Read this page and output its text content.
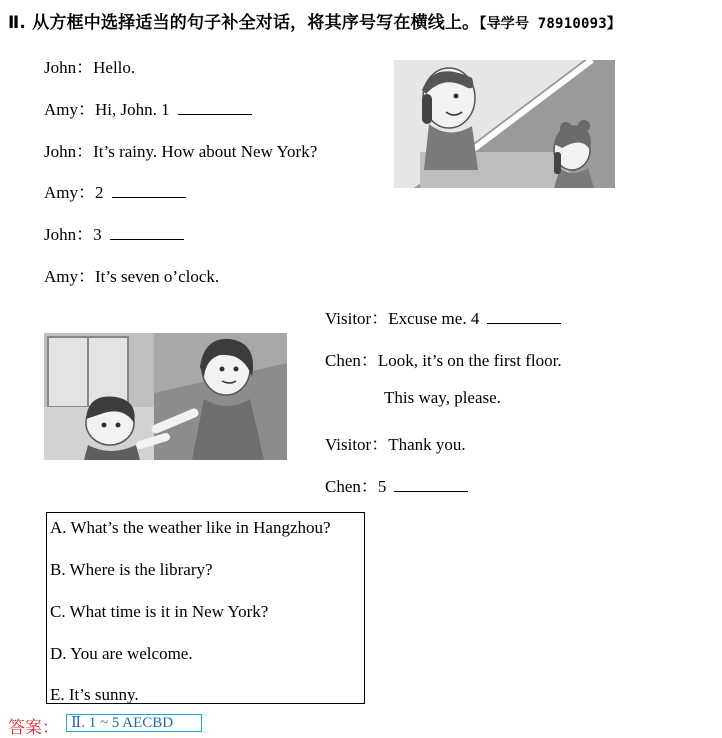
Ⅱ. 从方框中选择适当的句子补全对话，将其序号写在横线上。【导学号 78910093】
John：Hello.
Amy：Hi, John. 1
John：It’s rainy. How about New York?
Amy：2
John：3
Amy：It’s seven o’clock.
Visitor：Excuse me. 4
Chen：Look, it’s on the first floor.
This way, please.
Visitor：Thank you.
Chen：5
A. What’s the weather like in Hangzhou?
B. Where is the library?
C. What time is it in New York?
D. You are welcome.
E. It’s sunny.
答案： Ⅱ. 1 ~ 5 AECBD
